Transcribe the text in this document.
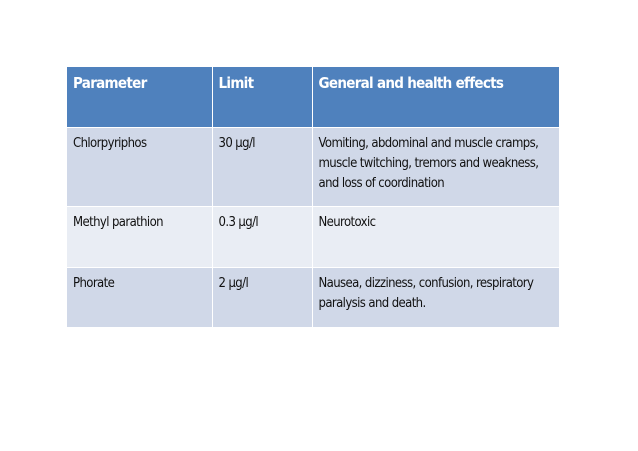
Parameter	Limit	General and health effects
Chlorpyriphos	30 µg/l	Vomiting, abdominal and muscle cramps, muscle twitching, tremors and weakness, and loss of coordination
Methyl parathion	0.3 µg/l	Neurotoxic
Phorate	2 µg/l	Nausea, dizziness, confusion, respiratory paralysis and death.
